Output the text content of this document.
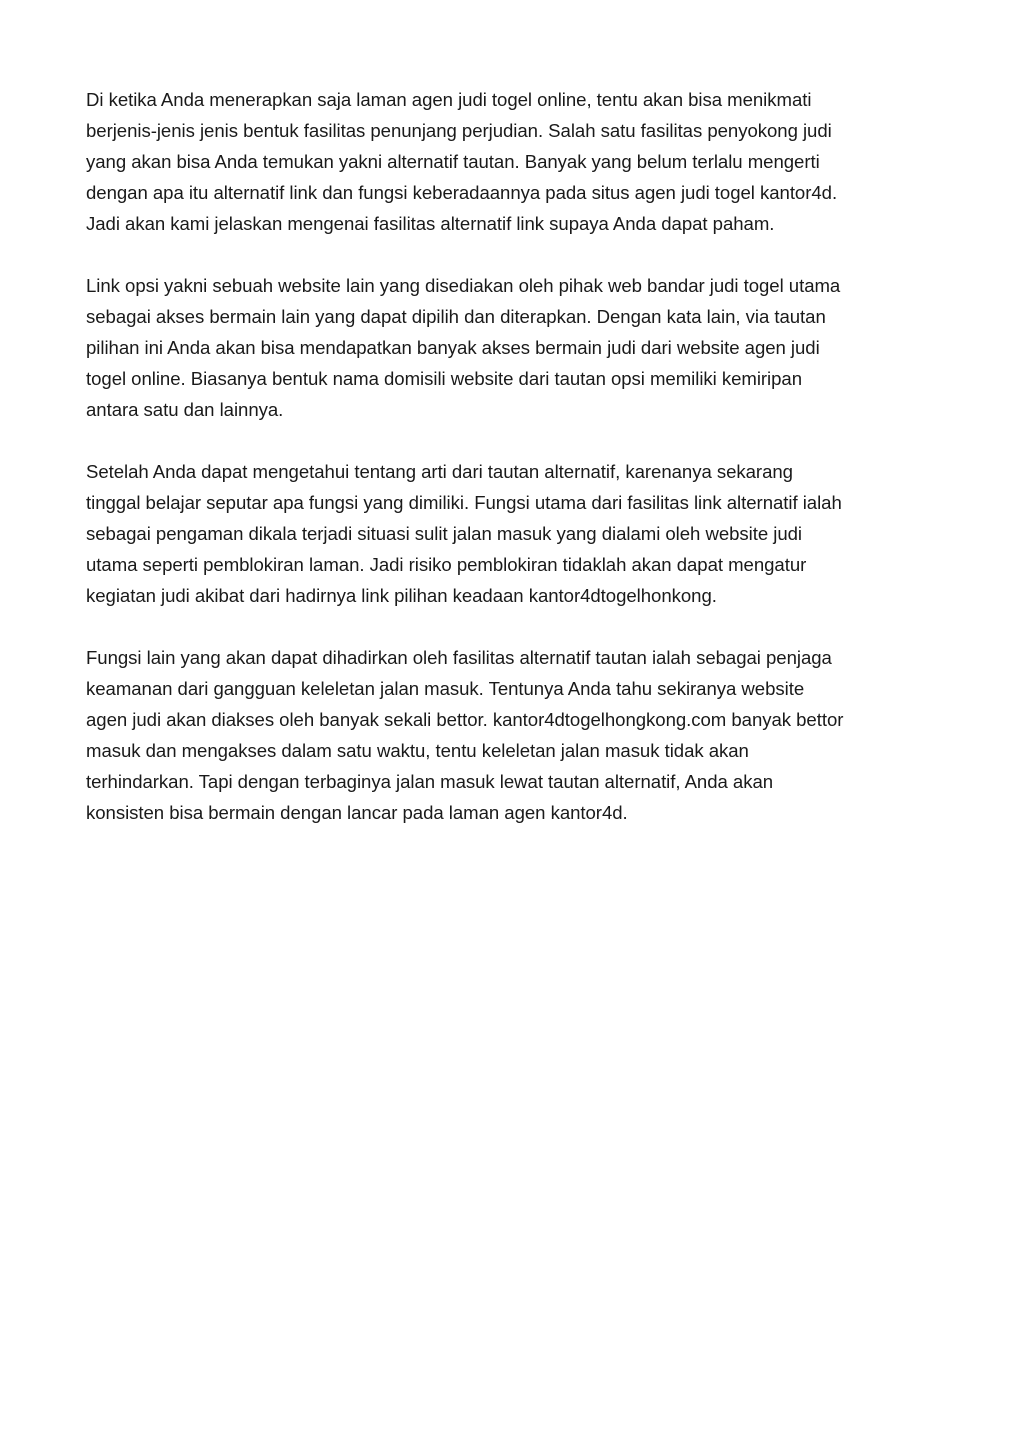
Di ketika Anda menerapkan saja laman agen judi togel online, tentu akan bisa menikmati
berjenis-jenis jenis bentuk fasilitas penunjang perjudian. Salah satu fasilitas penyokong judi
yang akan bisa Anda temukan yakni alternatif tautan. Banyak yang belum terlalu mengerti
dengan apa itu alternatif link dan fungsi keberadaannya pada situs agen judi togel kantor4d.
Jadi akan kami jelaskan mengenai fasilitas alternatif link supaya Anda dapat paham.
Link opsi yakni sebuah website lain yang disediakan oleh pihak web bandar judi togel utama
sebagai akses bermain lain yang dapat dipilih dan diterapkan. Dengan kata lain, via tautan
pilihan ini Anda akan bisa mendapatkan banyak akses bermain judi dari website agen judi
togel online. Biasanya bentuk nama domisili website dari tautan opsi memiliki kemiripan
antara satu dan lainnya.
Setelah Anda dapat mengetahui tentang arti dari tautan alternatif, karenanya sekarang
tinggal belajar seputar apa fungsi yang dimiliki. Fungsi utama dari fasilitas link alternatif ialah
sebagai pengaman dikala terjadi situasi sulit jalan masuk yang dialami oleh website judi
utama seperti pemblokiran laman. Jadi risiko pemblokiran tidaklah akan dapat mengatur
kegiatan judi akibat dari hadirnya link pilihan keadaan kantor4dtogelhonkong.
Fungsi lain yang akan dapat dihadirkan oleh fasilitas alternatif tautan ialah sebagai penjaga
keamanan dari gangguan keleletan jalan masuk. Tentunya Anda tahu sekiranya website
agen judi akan diakses oleh banyak sekali bettor. kantor4dtogelhongkong.com banyak bettor
masuk dan mengakses dalam satu waktu, tentu keleletan jalan masuk tidak akan
terhindarkan. Tapi dengan terbaginya jalan masuk lewat tautan alternatif, Anda akan
konsisten bisa bermain dengan lancar pada laman agen kantor4d.
